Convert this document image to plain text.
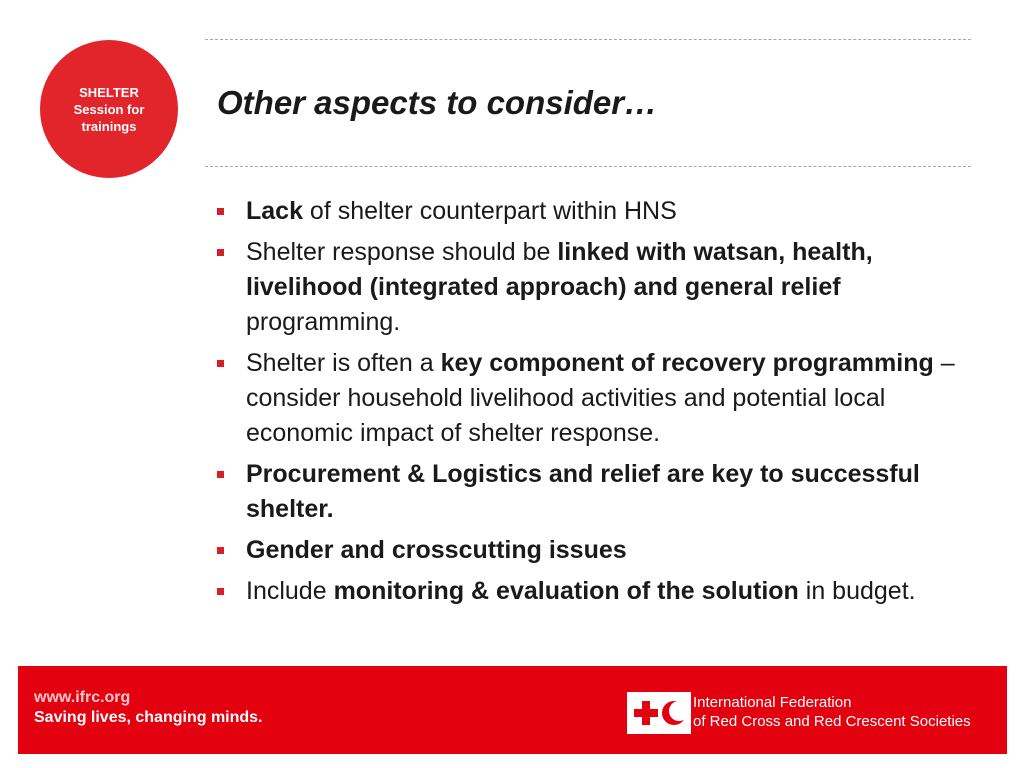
SHELTER
Session for
trainings
Other aspects to consider…
Lack of shelter counterpart within HNS
Shelter response should be linked with watsan, health, livelihood (integrated approach) and general relief programming.
Shelter is often a key component of recovery programming – consider household livelihood activities and potential local economic impact of shelter response.
Procurement & Logistics and relief are key to successful shelter.
Gender and crosscutting issues
Include monitoring & evaluation of the solution in budget.
www.ifrc.org
Saving lives, changing minds.
International Federation
of Red Cross and Red Crescent Societies
